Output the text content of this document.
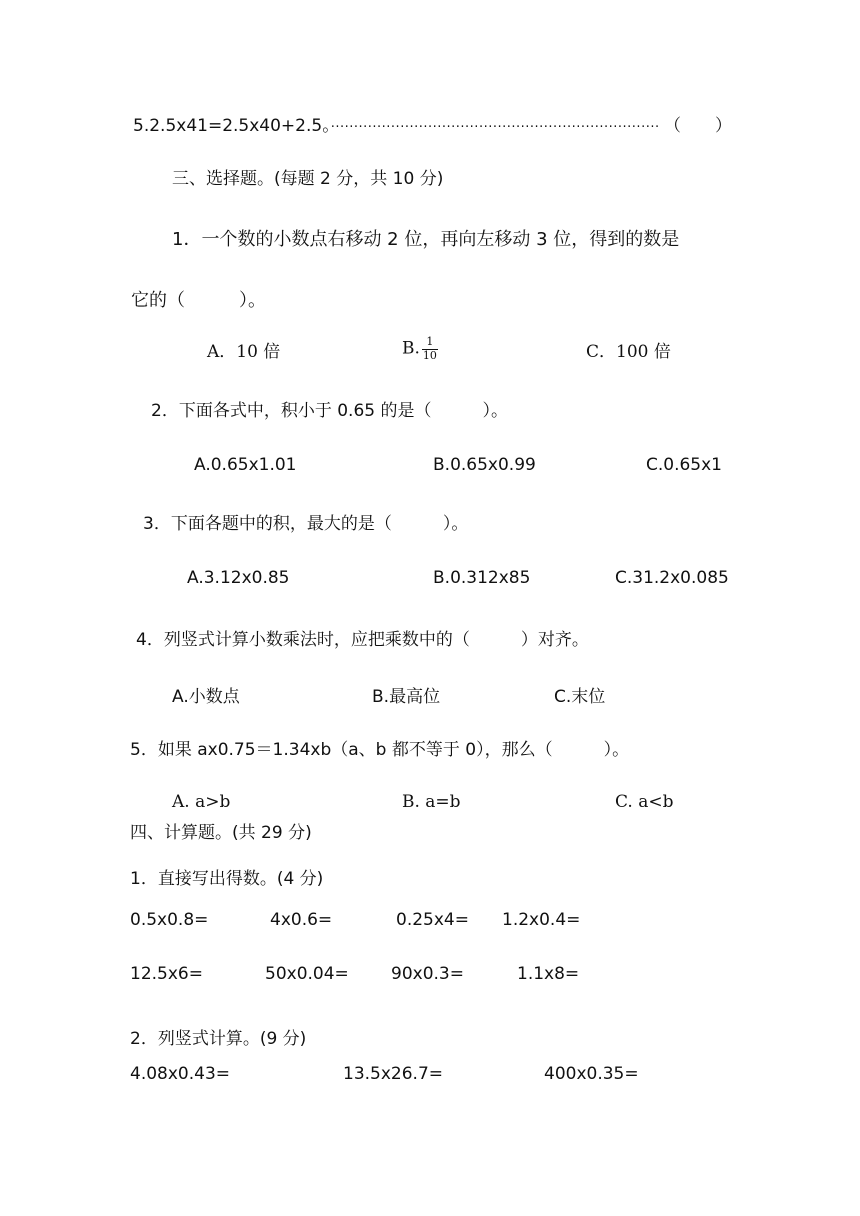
5.2.5x41=2.5x40+2.5。······································································· （　　）
三、选择题。(每题 2 分，共 10 分)
1．一个数的小数点右移动 2 位，再向左移动 3 位，得到的数是
它的（　　　）。
A．10 倍	B. $\frac{1}{10}$	C．100 倍
2．下面各式中，积小于 0.65 的是（　　　）。
A.0.65x1.01	B.0.65x0.99	C.0.65x1
3．下面各题中的积，最大的是（　　　）。
A.3.12x0.85	B.0.312x85	C.31.2x0.085
4．列竖式计算小数乘法时，应把乘数中的（　　　）对齐。
A.小数点	B.最高位	C.末位
5．如果 ax0.75＝1.34xb（a、b 都不等于 0），那么（　　　）。
A. a>b	B. a=b	C. a<b
四、计算题。(共 29 分)
1．直接写出得数。(4 分)
0.5x0.8=	4x0.6=	0.25x4= 1.2x0.4=
12.5x6=	50x0.04= 90x0.3=	1.1x8=
2．列竖式计算。(9 分)
4.08x0.43=	13.5x26.7=	400x0.35=
